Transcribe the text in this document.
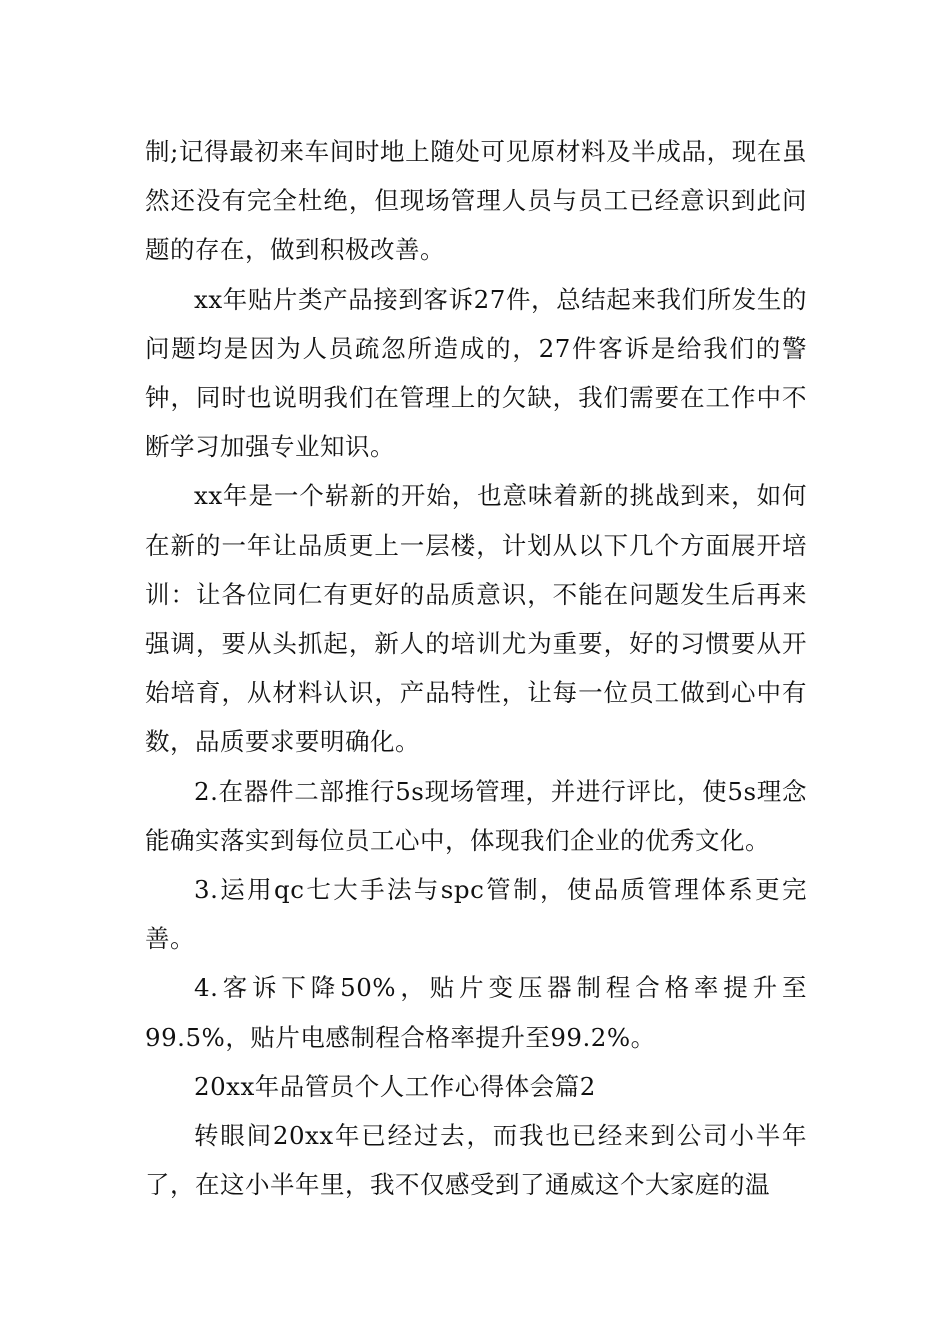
制;记得最初来车间时地上随处可见原材料及半成品，现在虽然还没有完全杜绝，但现场管理人员与员工已经意识到此问题的存在，做到积极改善。

xx年贴片类产品接到客诉27件，总结起来我们所发生的问题均是因为人员疏忽所造成的，27件客诉是给我们的警钟，同时也说明我们在管理上的欠缺，我们需要在工作中不断学习加强专业知识。

xx年是一个崭新的开始，也意味着新的挑战到来，如何在新的一年让品质更上一层楼，计划从以下几个方面展开培训：让各位同仁有更好的品质意识，不能在问题发生后再来强调，要从头抓起，新人的培训尤为重要，好的习惯要从开始培育，从材料认识，产品特性，让每一位员工做到心中有数，品质要求要明确化。

2.在器件二部推行5s现场管理，并进行评比，使5s理念能确实落实到每位员工心中，体现我们企业的优秀文化。

3.运用qc七大手法与spc管制，使品质管理体系更完善。

4.客诉下降50%，贴片变压器制程合格率提升至99.5%，贴片电感制程合格率提升至99.2%。

20xx年品管员个人工作心得体会篇2

转眼间20xx年已经过去，而我也已经来到公司小半年了，在这小半年里，我不仅感受到了通威这个大家庭的温
